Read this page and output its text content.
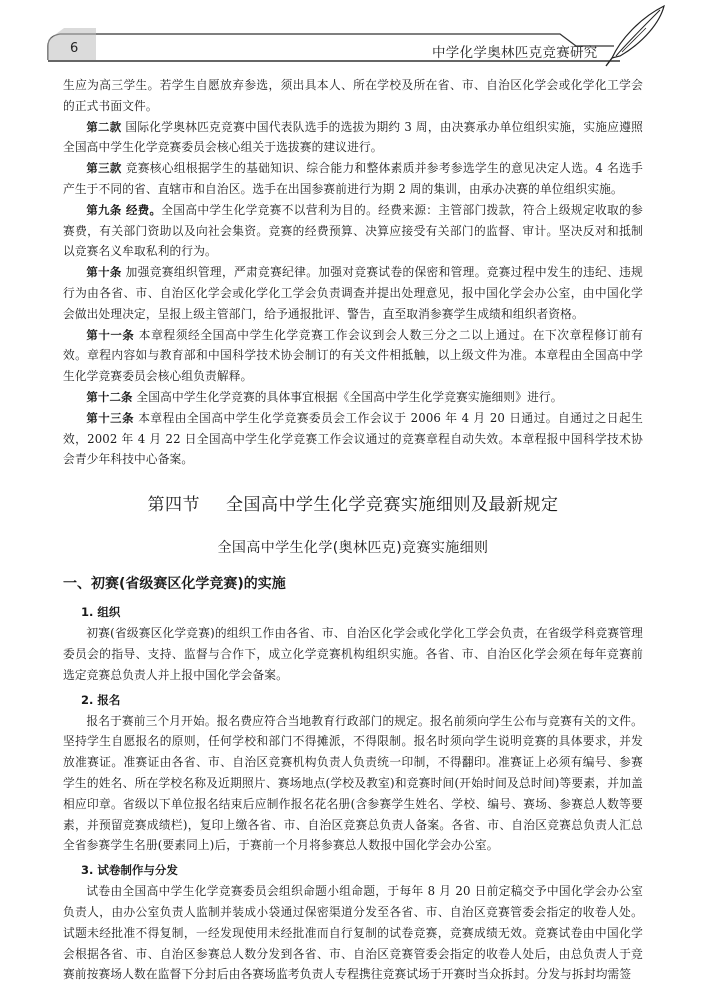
6	中学化学奥林匹克竞赛研究

生应为高三学生。若学生自愿放弃参选，须出具本人、所在学校及所在省、市、自治区化学会或化学化工学会的正式书面文件。

第二款 国际化学奥林匹克竞赛中国代表队选手的选拔为期约 3 周，由决赛承办单位组织实施，实施应遵照全国高中学生化学竞赛委员会核心组关于选拔赛的建议进行。

第三款 竞赛核心组根据学生的基础知识、综合能力和整体素质并参考参选学生的意见决定人选。4 名选手产生于不同的省、直辖市和自治区。选手在出国参赛前进行为期 2 周的集训，由承办决赛的单位组织实施。

第九条 经费。全国高中学生化学竞赛不以营利为目的。经费来源：主管部门拨款，符合上级规定收取的参赛费，有关部门资助以及向社会集资。竞赛的经费预算、决算应接受有关部门的监督、审计。坚决反对和抵制以竞赛名义牟取私利的行为。

第十条 加强竞赛组织管理，严肃竞赛纪律。加强对竞赛试卷的保密和管理。竞赛过程中发生的违纪、违规行为由各省、市、自治区化学会或化学化工学会负责调查并提出处理意见，报中国化学会办公室，由中国化学会做出处理决定，呈报上级主管部门，给予通报批评、警告，直至取消参赛学生成绩和组织者资格。

第十一条 本章程须经全国高中学生化学竞赛工作会议到会人数三分之二以上通过。在下次章程修订前有效。章程内容如与教育部和中国科学技术协会制订的有关文件相抵触，以上级文件为准。本章程由全国高中学生化学竞赛委员会核心组负责解释。

第十二条 全国高中学生化学竞赛的具体事宜根据《全国高中学生化学竞赛实施细则》进行。

第十三条 本章程由全国高中学生化学竞赛委员会工作会议于 2006 年 4 月 20 日通过。自通过之日起生效，2002 年 4 月 22 日全国高中学生化学竞赛工作会议通过的竞赛章程自动失效。本章程报中国科学技术协会青少年科技中心备案。

第四节 全国高中学生化学竞赛实施细则及最新规定
全国高中学生化学(奥林匹克)竞赛实施细则
一、初赛(省级赛区化学竞赛)的实施
1. 组织

初赛(省级赛区化学竞赛)的组织工作由各省、市、自治区化学会或化学化工学会负责，在省级学科竞赛管理委员会的指导、支持、监督与合作下，成立化学竞赛机构组织实施。各省、市、自治区化学会须在每年竞赛前选定竞赛总负责人并上报中国化学会备案。

2. 报名

报名于赛前三个月开始。报名费应符合当地教育行政部门的规定。报名前须向学生公布与竞赛有关的文件。坚持学生自愿报名的原则，任何学校和部门不得摊派，不得限制。报名时须向学生说明竞赛的具体要求，并发放准赛证。准赛证由各省、市、自治区竞赛机构负责人负责统一印制，不得翻印。准赛证上必须有编号、参赛学生的姓名、所在学校名称及近期照片、赛场地点(学校及教室)和竞赛时间(开始时间及总时间)等要素，并加盖相应印章。省级以下单位报名结束后应制作报名花名册(含参赛学生姓名、学校、编号、赛场、参赛总人数等要素，并预留竞赛成绩栏)，复印上缴各省、市、自治区竞赛总负责人备案。各省、市、自治区竞赛总负责人汇总全省参赛学生名册(要素同上)后，于赛前一个月将参赛总人数报中国化学会办公室。

3. 试卷制作与分发

试卷由全国高中学生化学竞赛委员会组织命题小组命题，于每年 8 月 20 日前定稿交予中国化学会办公室负责人，由办公室负责人监制并装成小袋通过保密渠道分发至各省、市、自治区竞赛管委会指定的收卷人处。试题未经批准不得复制，一经发现使用未经批准而自行复制的试卷竞赛，竞赛成绩无效。竞赛试卷由中国化学会根据各省、市、自治区参赛总人数分发到各省、市、自治区竞赛管委会指定的收卷人处后，由总负责人于竞赛前按赛场人数在监督下分封后由各赛场监考负责人专程携往竞赛试场于开赛时当众拆封。分发与拆封均需签
